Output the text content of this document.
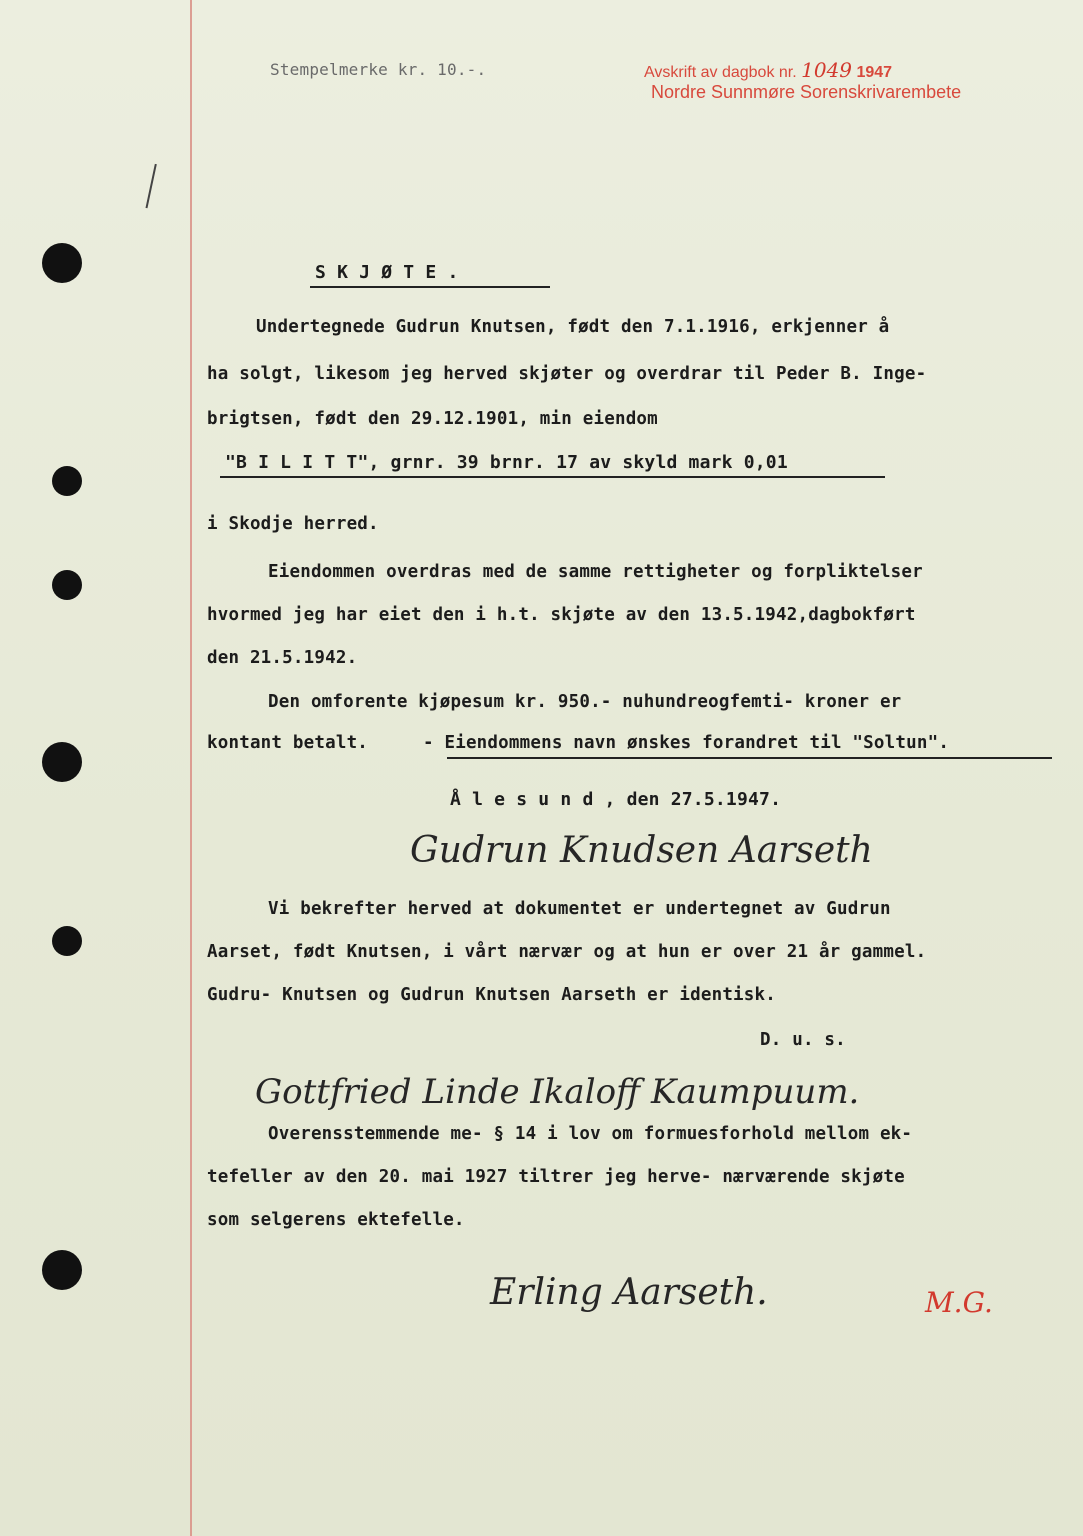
Stempelmerke kr. 10.-.	Avskrift av dagbok nr. 1049 1947
Nordre Sunnmøre Sorenskrivarembete
S K J Ø T E .
Undertegnede Gudrun Knutsen, født den 7.1.1916, erkjenner å
ha solgt, likesom jeg herved skjøter og overdrar til Peder B. Inge-
brigtsen, født den 29.12.1901, min eiendom
"B I L I T T", grnr. 39 brnr. 17 av skyld mark 0,01
i Skodje herred.
Eiendommen overdras med de samme rettigheter og forpliktelser
hvormed jeg har eiet den i h.t. skjøte av den 13.5.1942,dagbokført
den 21.5.1942.
Den omforente kjøpesum kr. 950.- nuhundreogfemti- kroner er
kontant betalt.	- Eiendommens navn ønskes forandret til "Soltun".
Å l e s u n d , den 27.5.1947.
Gudrun Knudsen Aarseth
Vi bekrefter herved at dokumentet er undertegnet av Gudrun
Aarset, født Knutsen, i vårt nærvær og at hun er over 21 år gammel.
Gudru- Knutsen og Gudrun Knutsen Aarseth er identisk.
D. u. s.
Gottfried Linde Ikaloff Kaumpuum.
Overensstemmende me- § 14 i lov om formuesforhold mellom ek-
tefeller av den 20. mai 1927 tiltrer jeg herve- nærværende skjøte
som selgerens ektefelle.
Erling Aarseth.	M.G.
